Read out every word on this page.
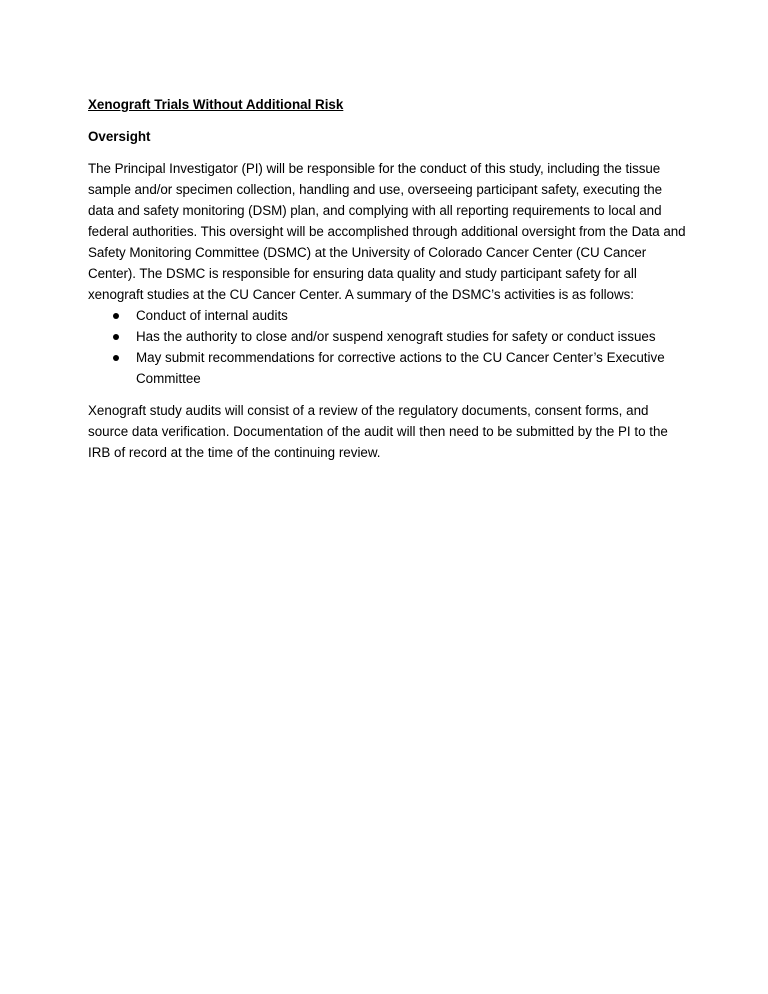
Xenograft Trials Without Additional Risk

Oversight

The Principal Investigator (PI) will be responsible for the conduct of this study, including the tissue sample and/or specimen collection, handling and use, overseeing participant safety, executing the data and safety monitoring (DSM) plan, and complying with all reporting requirements to local and federal authorities. This oversight will be accomplished through additional oversight from the Data and Safety Monitoring Committee (DSMC) at the University of Colorado Cancer Center (CU Cancer Center). The DSMC is responsible for ensuring data quality and study participant safety for all xenograft studies at the CU Cancer Center. A summary of the DSMC’s activities is as follows:

Conduct of internal audits
Has the authority to close and/or suspend xenograft studies for safety or conduct issues
May submit recommendations for corrective actions to the CU Cancer Center’s Executive Committee

Xenograft study audits will consist of a review of the regulatory documents, consent forms, and source data verification. Documentation of the audit will then need to be submitted by the PI to the IRB of record at the time of the continuing review.
